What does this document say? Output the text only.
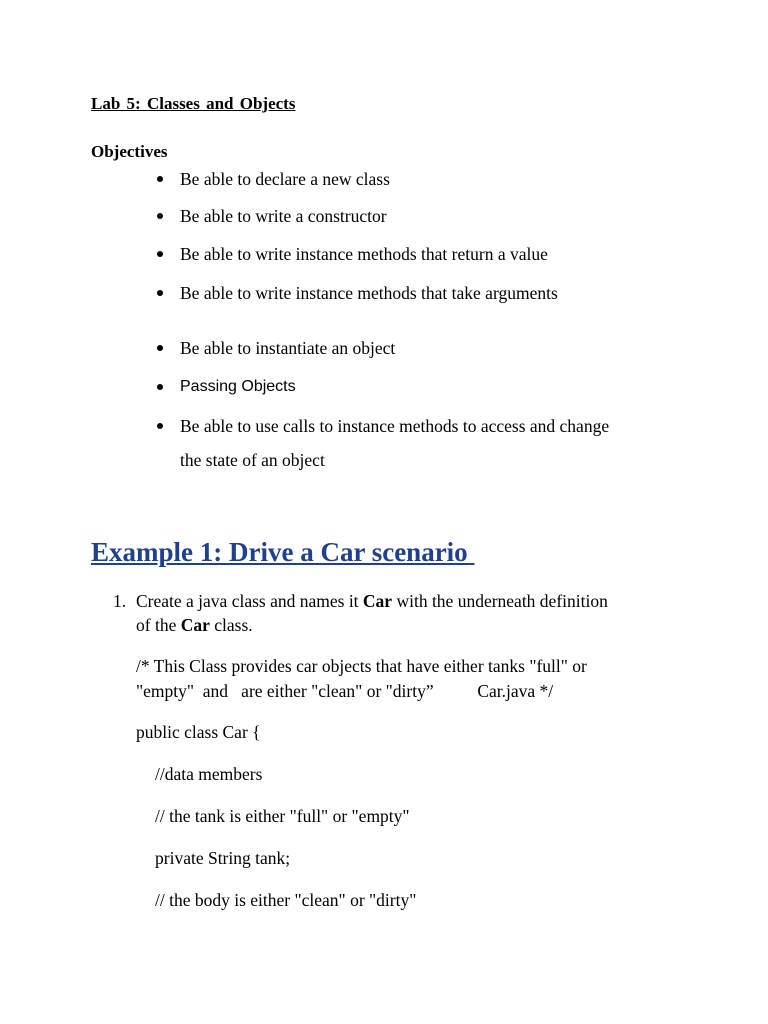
Lab 5: Classes and Objects
Objectives
Be able to declare a new class
Be able to write a constructor
Be able to write instance methods that return a value
Be able to write instance methods that take arguments
Be able to instantiate an object
Passing Objects
Be able to use calls to instance methods to access and change
the state of an object
Example 1: Drive a Car scenario
1. Create a java class and names it Car with the underneath definition
of the Car class.
/* This Class provides car objects that have either tanks "full" or
"empty"  and   are either "clean" or "dirty”          Car.java */
public class Car {
//data members
// the tank is either "full" or "empty"
private String tank;
// the body is either "clean" or "dirty"
